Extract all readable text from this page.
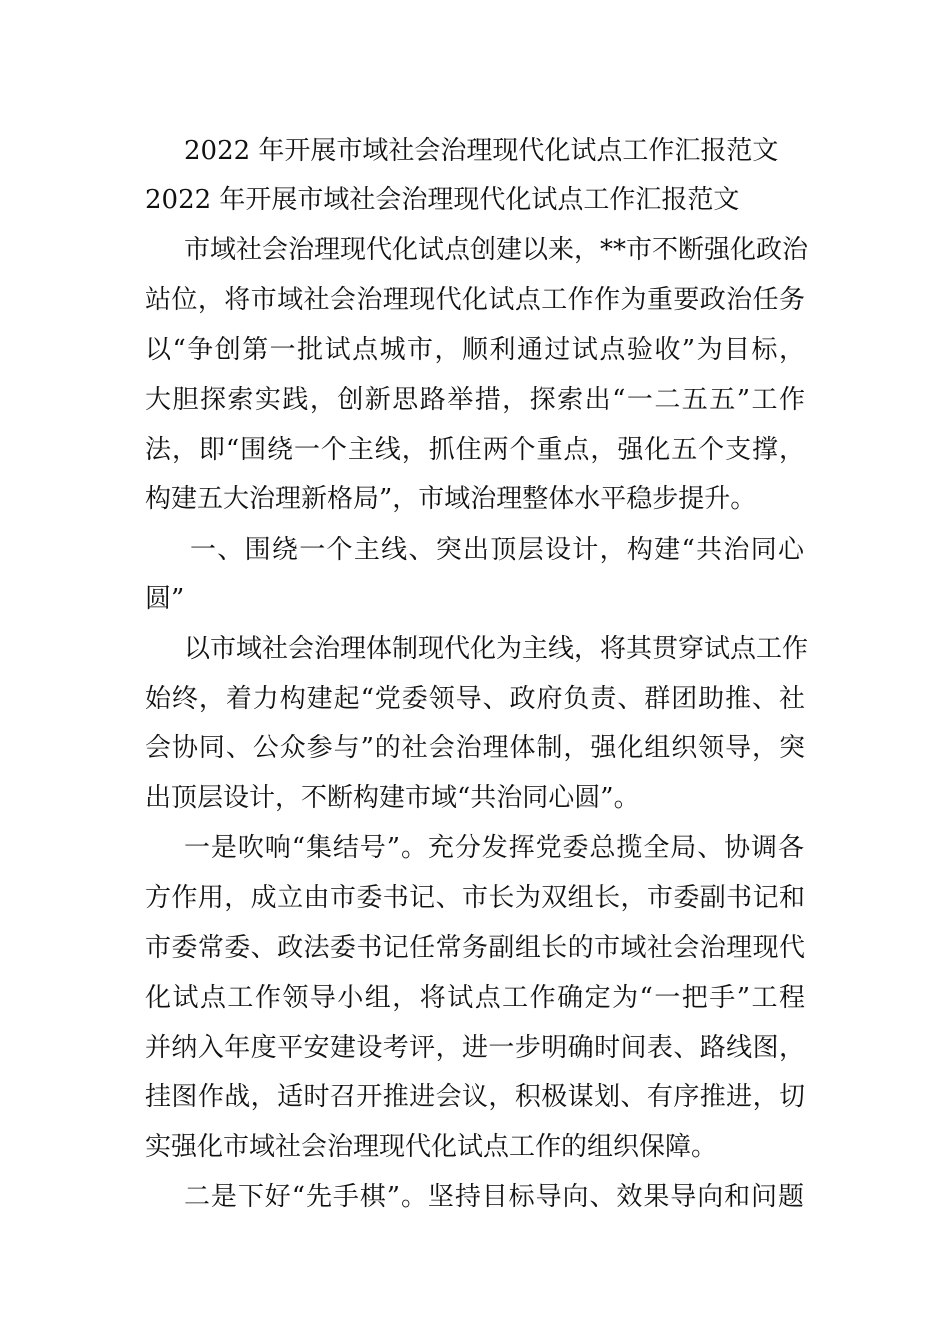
2022 年开展市域社会治理现代化试点工作汇报范文
2022 年开展市域社会治理现代化试点工作汇报范文
市域社会治理现代化试点创建以来，**市不断强化政治
站位，将市域社会治理现代化试点工作作为重要政治任务
以“争创第一批试点城市，顺利通过试点验收”为目标，
大胆探索实践，创新思路举措，探索出“一二五五”工作
法，即“围绕一个主线，抓住两个重点，强化五个支撑，
构建五大治理新格局”，市域治理整体水平稳步提升。
一、围绕一个主线、突出顶层设计，构建“共治同心
圆”
以市域社会治理体制现代化为主线，将其贯穿试点工作
始终，着力构建起“党委领导、政府负责、群团助推、社
会协同、公众参与”的社会治理体制，强化组织领导，突
出顶层设计，不断构建市域“共治同心圆”。
一是吹响“集结号”。充分发挥党委总揽全局、协调各
方作用，成立由市委书记、市长为双组长，市委副书记和
市委常委、政法委书记任常务副组长的市域社会治理现代
化试点工作领导小组，将试点工作确定为“一把手”工程
并纳入年度平安建设考评，进一步明确时间表、路线图，
挂图作战，适时召开推进会议，积极谋划、有序推进，切
实强化市域社会治理现代化试点工作的组织保障。
二是下好“先手棋”。坚持目标导向、效果导向和问题
